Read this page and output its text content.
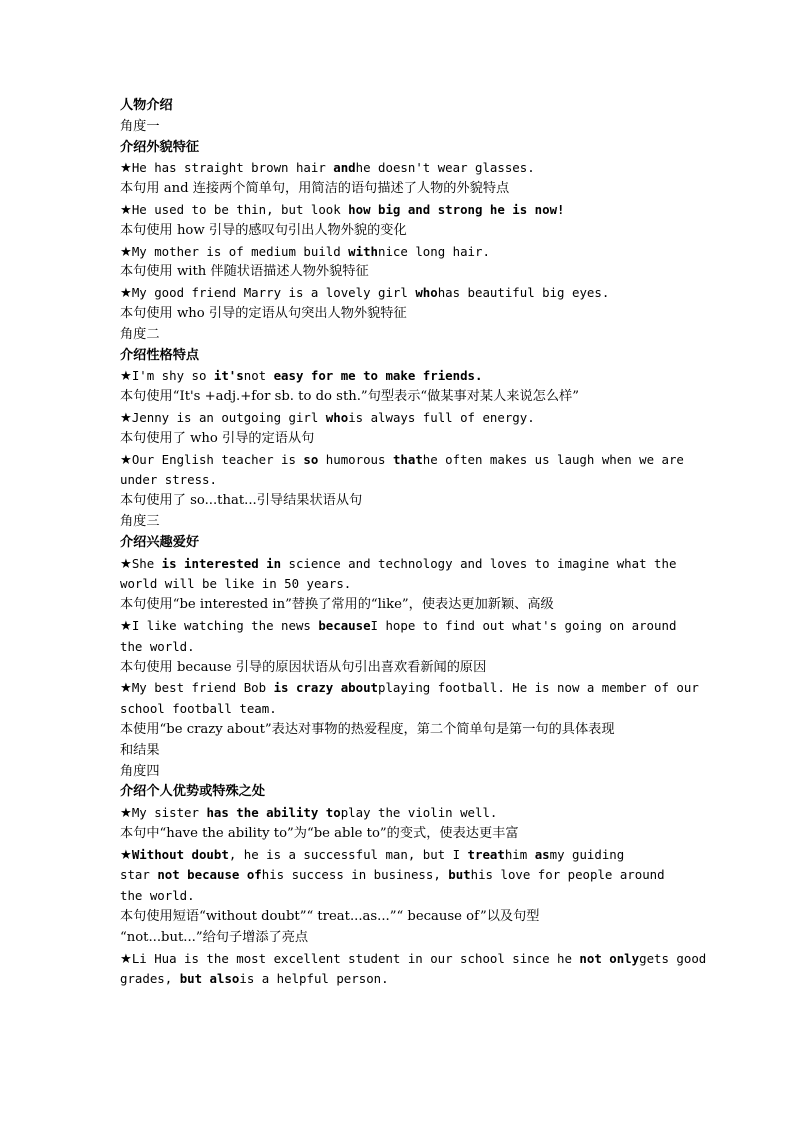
人物介绍
角度一
介绍外貌特征
★He has straight brown hair andhe doesn't wear glasses.
本句用 and 连接两个简单句，用简洁的语句描述了人物的外貌特点
★He used to be thin, but look how big and strong he is now!
本句使用 how 引导的感叹句引出人物外貌的变化
★My mother is of medium build withnice long hair.
本句使用 with 伴随状语描述人物外貌特征
★My good friend Marry is a lovely girl whohas beautiful big eyes.
本句使用 who 引导的定语从句突出人物外貌特征
角度二
介绍性格特点
★I'm shy so it'snot easy for me to make friends.
本句使用“It's +adj.+for sb. to do sth.”句型表示“做某事对某人来说怎么样”
★Jenny is an outgoing girl whois always full of energy.
本句使用了 who 引导的定语从句
★Our English teacher is so humorous thathe often makes us laugh when we are
under stress.
本句使用了 so...that...引导结果状语从句
角度三
介绍兴趣爱好
★She is interested in science and technology and loves to imagine what the
world will be like in 50 years.
本句使用“be interested in”替换了常用的“like”，使表达更加新颖、高级
★I like watching the news becauseI hope to find out what's going on around
the world.
本句使用 because 引导的原因状语从句引出喜欢看新闻的原因
★My best friend Bob is crazy aboutplaying football. He is now a member of our
school football team.
本使用“be crazy about”表达对事物的热爱程度，第二个简单句是第一句的具体表现
和结果
角度四
介绍个人优势或特殊之处
★My sister has the ability toplay the violin well.
本句中“have the ability to”为“be able to”的变式，使表达更丰富
★Without doubt, he is a successful man, but I treathim asmy guiding
star not because ofhis success in business, buthis love for people around
the world.
本句使用短语“without doubt”“ treat...as...”“ because of”以及句型
“not...but...”给句子增添了亮点
★Li Hua is the most excellent student in our school since he not onlygets good
grades, but alsois a helpful person.
